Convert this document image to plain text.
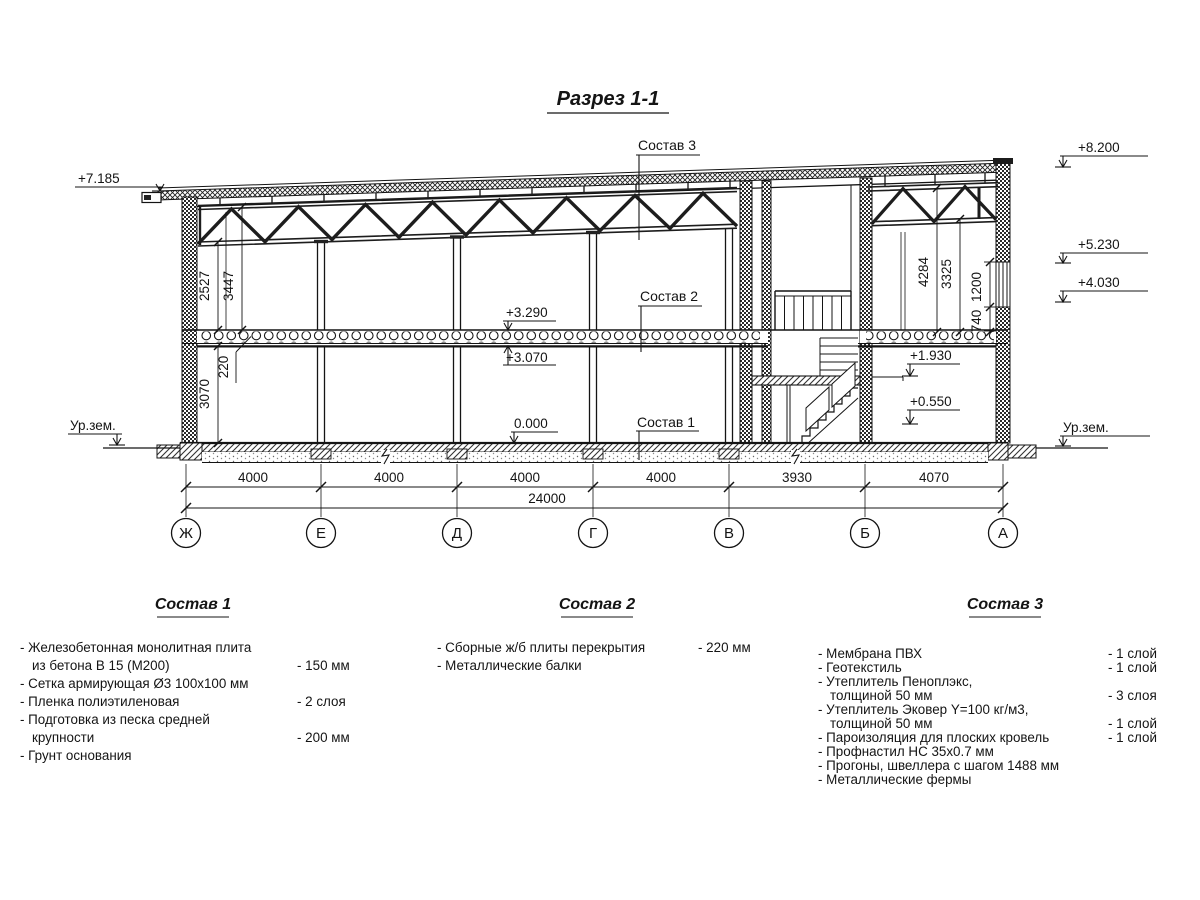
Разрез 1-1
+7.185
Ур.зем.
+8.200
+5.230
+4.030
Ур.зем.
+3.290
+3.070
0.000
+1.930
+0.550
Состав 3
Состав 2
Состав 1
2527 3447
220
3070
4284 3325 1200
740
4000	4000	4000	4000	3930	4070
24000
Ж	Е	Д	Г	В	Б	А
Состав 1
- Железобетонная монолитная плита
из бетона В 15 (М200)	- 150 мм
- Сетка армирующая Ø3 100x100 мм
- Пленка полиэтиленовая	- 2 слоя
- Подготовка из песка средней
крупности	- 200 мм
- Грунт основания
Состав 2
- Сборные ж/б плиты перекрытия	- 220 мм
- Металлические балки
Состав 3
- Мембрана ПВХ	- 1 слой
- Геотекстиль	- 1 слой
- Утеплитель Пеноплэкс,
толщиной 50 мм	- 3 слоя
- Утеплитель Эковер Y=100 кг/м3,
толщиной 50 мм	- 1 слой
- Пароизоляция для плоских кровель	- 1 слой
- Профнастил НС 35x0.7 мм
- Прогоны, швеллера с шагом 1488 мм
- Металлические фермы
